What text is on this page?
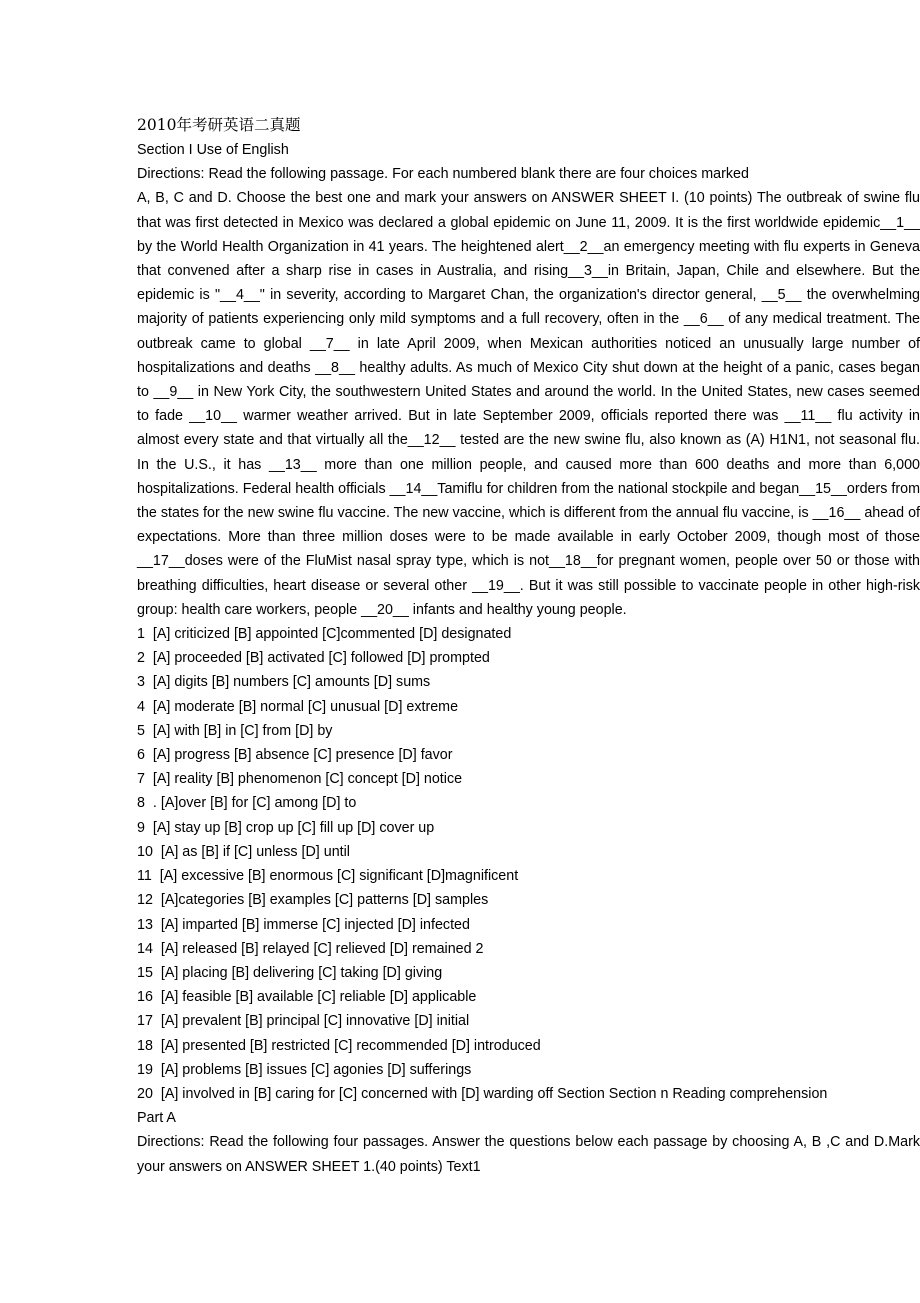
2010年考研英语二真题

Section I Use of English

Directions: Read the following passage. For each numbered blank there are four choices marked

A, B, C and D. Choose the best one and mark your answers on ANSWER SHEET I. (10 points) The outbreak of swine flu that was first detected in Mexico was declared a global epidemic on June 11, 2009. It is the first worldwide epidemic__1__ by the World Health Organization in 41 years. The heightened alert__2__an emergency meeting with flu experts in Geneva that convened after a sharp rise in cases in Australia, and rising__3__in Britain, Japan, Chile and elsewhere. But the epidemic is "__4__" in severity, according to Margaret Chan, the organization's director general, __5__ the overwhelming majority of patients experiencing only mild symptoms and a full recovery, often in the __6__ of any medical treatment. The outbreak came to global __7__ in late April 2009, when Mexican authorities noticed an unusually large number of hospitalizations and deaths __8__ healthy adults. As much of Mexico City shut down at the height of a panic, cases began to __9__ in New York City, the southwestern United States and around the world. In the United States, new cases seemed to fade __10__ warmer weather arrived. But in late September 2009, officials reported there was __11__ flu activity in almost every state and that virtually all the__12__ tested are the new swine flu, also known as (A) H1N1, not seasonal flu. In the U.S., it has __13__ more than one million people, and caused more than 600 deaths and more than 6,000 hospitalizations. Federal health officials __14__Tamiflu for children from the national stockpile and began__15__orders from the states for the new swine flu vaccine. The new vaccine, which is different from the annual flu vaccine, is __16__ ahead of expectations. More than three million doses were to be made available in early October 2009, though most of those __17__doses were of the FluMist nasal spray type, which is not__18__for pregnant women, people over 50 or those with breathing difficulties, heart disease or several other __19__. But it was still possible to vaccinate people in other high-risk group: health care workers, people __20__ infants and healthy young people.

1 [A] criticized [B] appointed [C]commented [D] designated
2 [A] proceeded [B] activated [C] followed [D] prompted
3 [A] digits [B] numbers [C] amounts [D] sums
4 [A] moderate [B] normal [C] unusual [D] extreme
5 [A] with [B] in [C] from [D] by
6 [A] progress [B] absence [C] presence [D] favor
7 [A] reality [B] phenomenon [C] concept [D] notice
8 . [A]over [B] for [C] among [D] to
9 [A] stay up [B] crop up [C] fill up [D] cover up
10 [A] as [B] if [C] unless [D] until
11 [A] excessive [B] enormous [C] significant [D]magnificent
12 [A]categories [B] examples [C] patterns [D] samples
13 [A] imparted [B] immerse [C] injected [D] infected
14 [A] released [B] relayed [C] relieved [D] remained 2
15 [A] placing [B] delivering [C] taking [D] giving
16 [A] feasible [B] available [C] reliable [D] applicable
17 [A] prevalent [B] principal [C] innovative [D] initial
18 [A] presented [B] restricted [C] recommended [D] introduced
19 [A] problems [B] issues [C] agonies [D] sufferings
20 [A] involved in [B] caring for [C] concerned with [D] warding off Section Section n Reading comprehension

Part A

Directions: Read the following four passages. Answer the questions below each passage by choosing A, B ,C and D.Mark your answers on ANSWER SHEET 1.(40 points) Text1
